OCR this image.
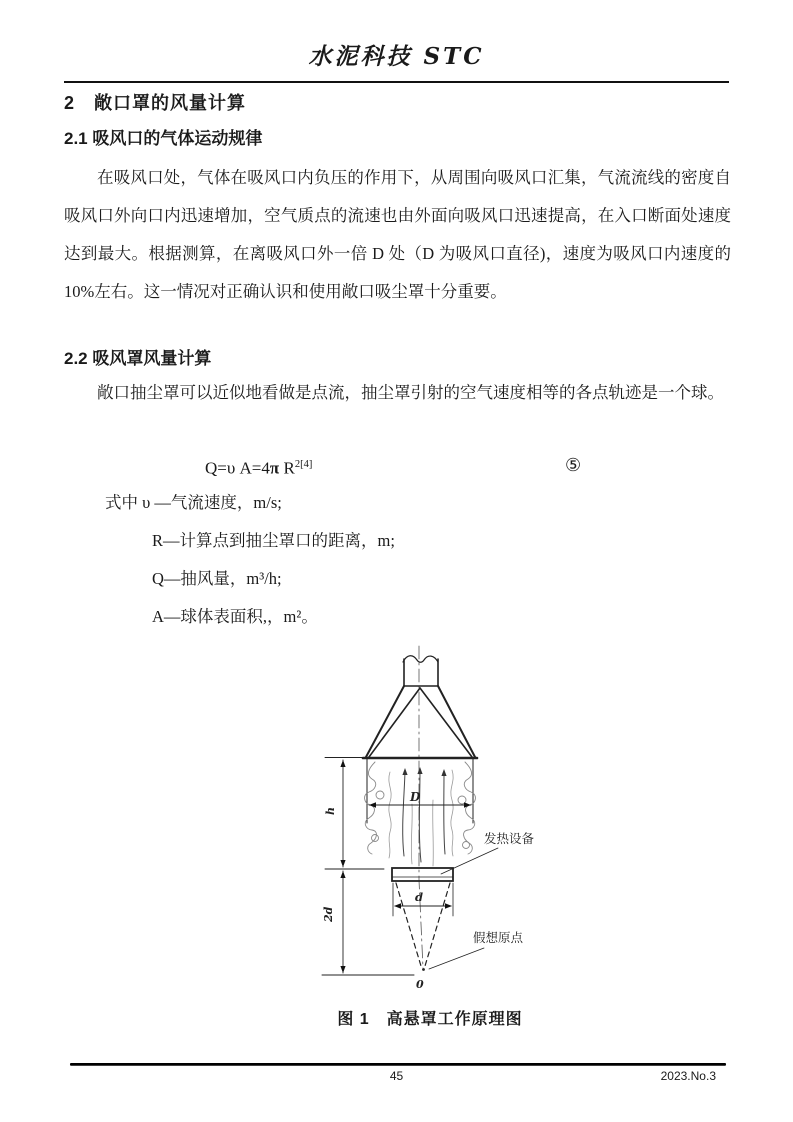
水泥科技 STC
2　敞口罩的风量计算
2.1 吸风口的气体运动规律

在吸风口处，气体在吸风口内负压的作用下，从周围向吸风口汇集，气流流线的密度自吸风口外向口内迅速增加，空气质点的流速也由外面向吸风口迅速提高，在入口断面处速度达到最大。根据测算，在离吸风口外一倍 D 处（D 为吸风口直径)，速度为吸风口内速度的 10%左右。这一情况对正确认识和使用敞口吸尘罩十分重要。

2.2 吸风罩风量计算

敞口抽尘罩可以近似地看做是点流，抽尘罩引射的空气速度相等的各点轨迹是一个球。

Q=υ A=4π $R^{2[4]}$	⑤
式中 υ —气流速度，m/s;
R—计算点到抽尘罩口的距离，m;
Q—抽风量，m³/h;
A—球体表面积,，m²。
D
发热设备
d
假想原点
0
h
2d
图 1　高悬罩工作原理图
45	2023.No.3
